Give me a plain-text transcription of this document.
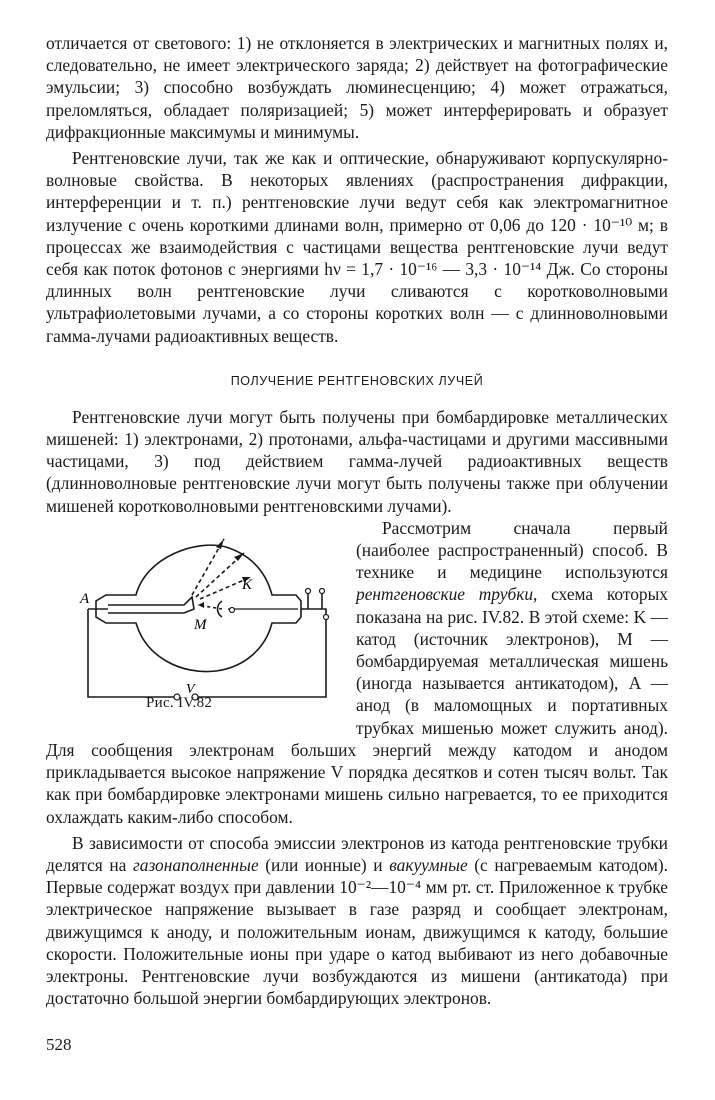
отличается от светового: 1) не отклоняется в электрических и магнитных полях и, следовательно, не имеет электрического заряда; 2) действует на фотографические эмульсии; 3) способно возбуждать люминесценцию; 4) может отражаться, преломляться, обладает поляризацией; 5) может интерферировать и образует дифракционные максимумы и минимумы.

Рентгеновские лучи, так же как и оптические, обнаруживают корпускулярно-волновые свойства. В некоторых явлениях (распространения дифракции, интерференции и т. п.) рентгеновские лучи ведут себя как электромагнитное излучение с очень короткими длинами волн, примерно от 0,06 до 120 · 10⁻¹⁰ м; в процессах же взаимодействия с частицами вещества рентгеновские лучи ведут себя как поток фотонов с энергиями hν = 1,7 · 10⁻¹⁶ — 3,3 · 10⁻¹⁴ Дж. Со стороны длинных волн рентгеновские лучи сливаются с коротковолновыми ультрафиолетовыми лучами, а со стороны коротких волн — с длинноволновыми гамма-лучами радиоактивных веществ.

ПОЛУЧЕНИЕ РЕНТГЕНОВСКИХ ЛУЧЕЙ

Рентгеновские лучи могут быть получены при бомбардировке металлических мишеней: 1) электронами, 2) протонами, альфа-частицами и другими массивными частицами, 3) под действием гамма-лучей радиоактивных веществ (длинноволновые рентгеновские лучи могут быть получены также при облучении мишеней коротковолновыми рентгеновскими лучами).

A
K
M
V
Рис. IV.82

Рассмотрим сначала первый (наиболее распространенный) способ. В технике и медицине используются рентгеновские трубки, схема которых показана на рис. IV.82. В этой схеме: K — катод (источник электронов), M — бомбардируемая металлическая мишень (иногда называется антикатодом), A — анод (в маломощных и портативных трубках мишенью может служить анод). Для сообщения электронам больших энергий между катодом и анодом прикладывается высокое напряжение V порядка десятков и сотен тысяч вольт. Так как при бомбардировке электронами мишень сильно нагревается, то ее приходится охлаждать каким-либо способом.

В зависимости от способа эмиссии электронов из катода рентгеновские трубки делятся на газонаполненные (или ионные) и вакуумные (с нагреваемым катодом). Первые содержат воздух при давлении 10⁻²—10⁻⁴ мм рт. ст. Приложенное к трубке электрическое напряжение вызывает в газе разряд и сообщает электронам, движущимся к аноду, и положительным ионам, движущимся к катоду, большие скорости. Положительные ионы при ударе о катод выбивают из него добавочные электроны. Рентгеновские лучи возбуждаются из мишени (антикатода) при достаточно большой энергии бомбардирующих электронов.

528
